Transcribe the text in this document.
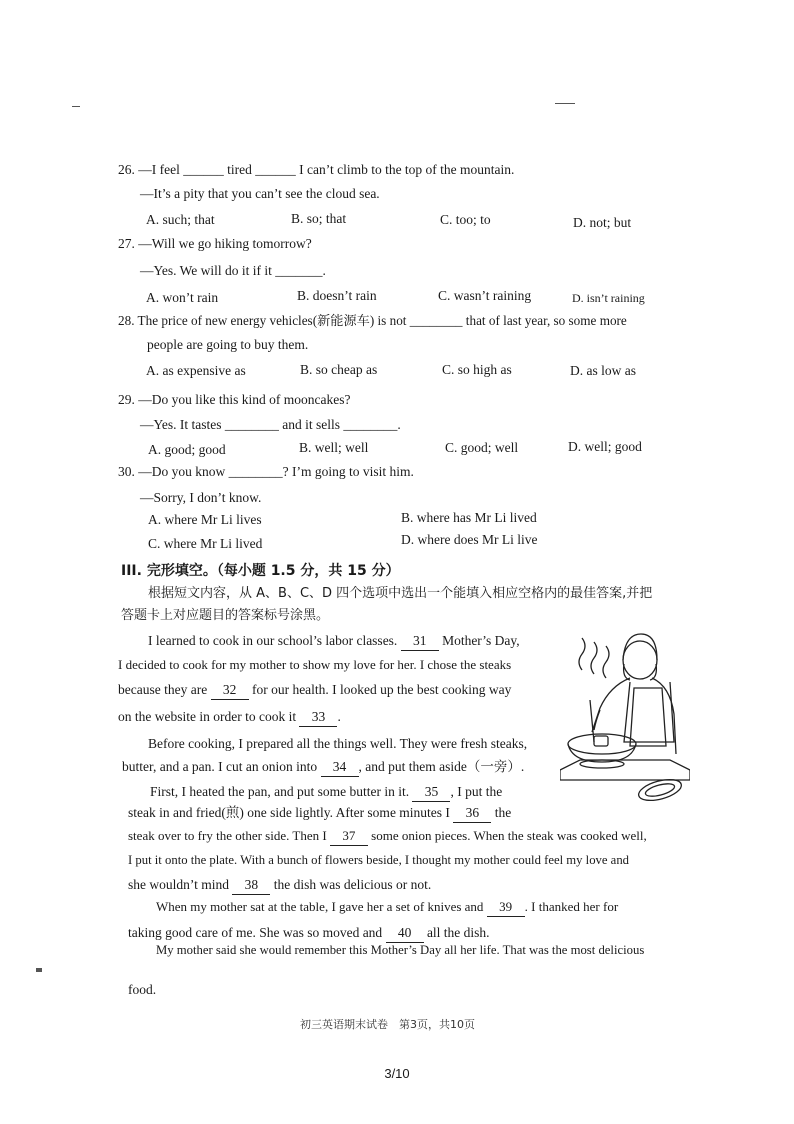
26. —I feel ______ tired ______ I can’t climb to the top of the mountain.
—It’s a pity that you can’t see the cloud sea.
A. such; that	B. so; that	C. too; to	D. not; but
27. —Will we go hiking tomorrow?
—Yes. We will do it if it _______.
A. won’t rain	B. doesn’t rain	C. wasn’t raining	D. isn’t raining
28. The price of new energy vehicles(新能源车) is not ________ that of last year, so some more
people are going to buy them.
A. as expensive as	B. so cheap as	C. so high as	D. as low as
29. —Do you like this kind of mooncakes?
—Yes. It tastes ________ and it sells ________.
A. good; good	B. well; well	C. good; well	D. well; good
30. —Do you know ________? I’m going to visit him.
—Sorry, I don’t know.
A. where Mr Li lives	B. where has Mr Li lived
C. where Mr Li lived	D. where does Mr Li live
III. 完形填空。（每小题 1.5 分，共 15 分）
根据短文内容，从 A、B、C、D 四个选项中选出一个能填入相应空格内的最佳答案,并把
答题卡上对应题目的答案标号涂黑。
I learned to cook in our school’s labor classes. 31 Mother’s Day,
I decided to cook for my mother to show my love for her. I chose the steaks
because they are 32 for our health. I looked up the best cooking way
on the website in order to cook it 33 .
Before cooking, I prepared all the things well. They were fresh steaks,
butter, and a pan. I cut an onion into 34 , and put them aside（一旁）.
First, I heated the pan, and put some butter in it. 35 , I put the
steak in and fried(煎) one side lightly. After some minutes I 36 the
steak over to fry the other side. Then I 37 some onion pieces. When the steak was cooked well,
I put it onto the plate. With a bunch of flowers beside, I thought my mother could feel my love and
she wouldn’t mind 38 the dish was delicious or not.
When my mother sat at the table, I gave her a set of knives and 39 . I thanked her for
taking good care of me. She was so moved and 40 all the dish.
My mother said she would remember this Mother’s Day all her life. That was the most delicious
food.
初三英语期末试卷　第3页，共10页
3/10
